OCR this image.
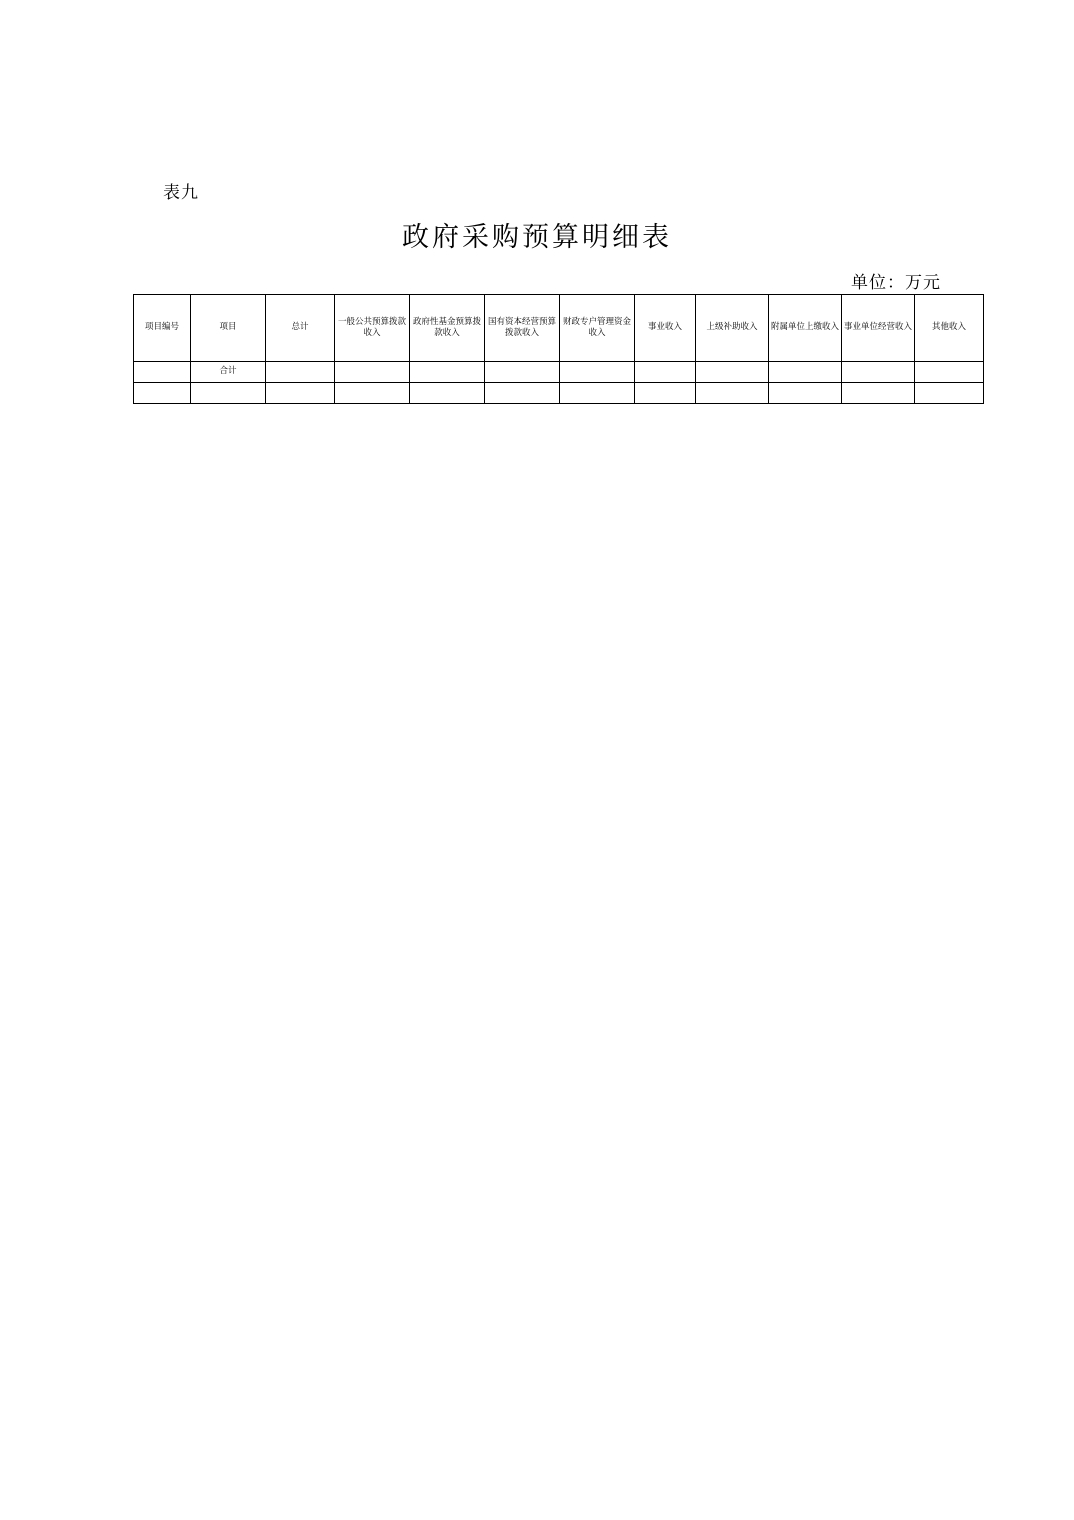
表九
政府采购预算明细表
单位：万元
项目编号	项目	总计	一般公共预算拨款收入	政府性基金预算拨款收入	国有资本经营预算拨款收入	财政专户管理资金收入	事业收入	上级补助收入	附属单位上缴收入	事业单位经营收入	其他收入
	合计										
